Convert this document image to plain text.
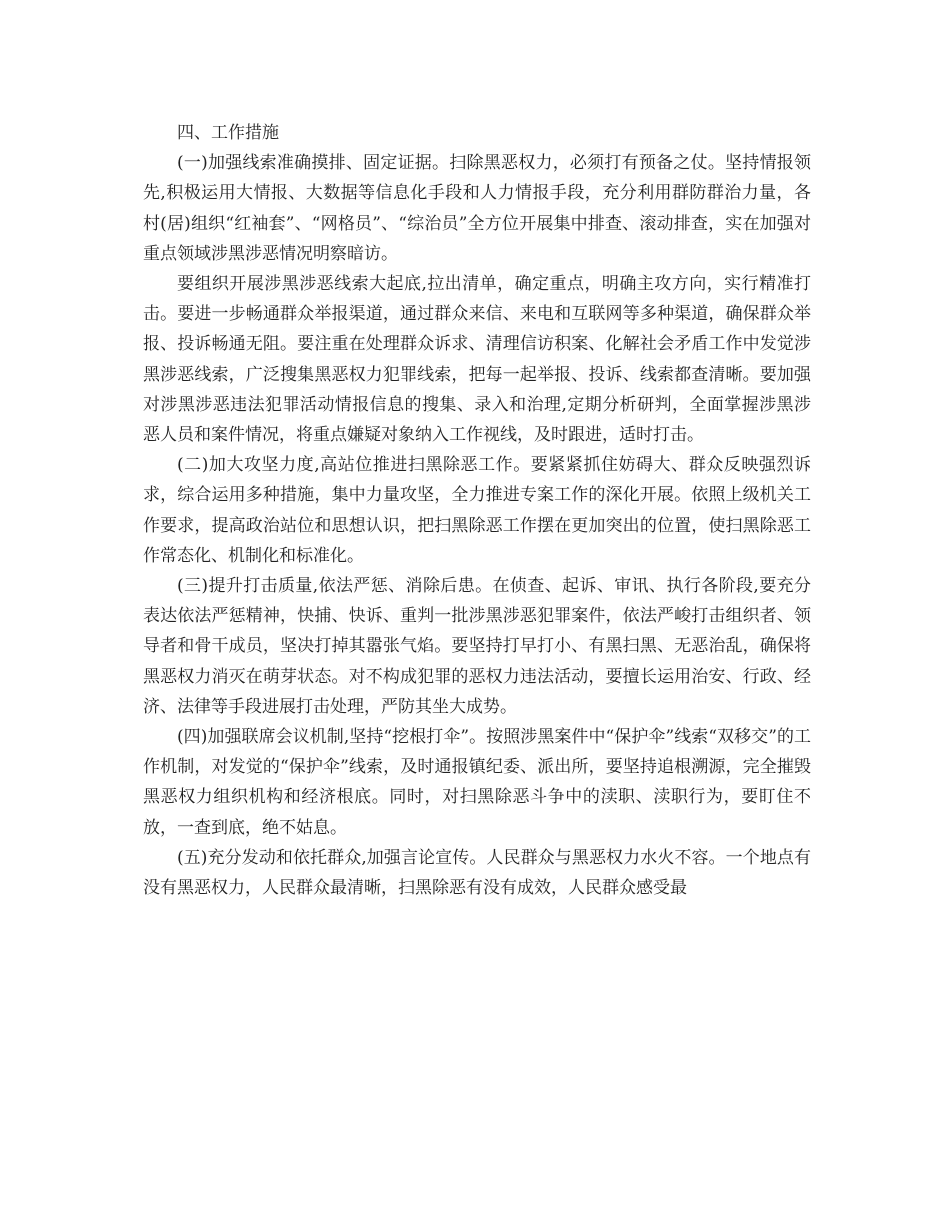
四、工作措施

(一)加强线索准确摸排、固定证据。扫除黑恶权力，必须打有预备之仗。坚持情报领先,积极运用大情报、大数据等信息化手段和人力情报手段，充分利用群防群治力量，各村(居)组织“红袖套”、“网格员”、“综治员”全方位开展集中排查、滚动排查，实在加强对重点领域涉黑涉恶情况明察暗访。

要组织开展涉黑涉恶线索大起底,拉出清单，确定重点，明确主攻方向，实行精准打击。要进一步畅通群众举报渠道，通过群众来信、来电和互联网等多种渠道，确保群众举报、投诉畅通无阻。要注重在处理群众诉求、清理信访积案、化解社会矛盾工作中发觉涉黑涉恶线索，广泛搜集黑恶权力犯罪线索，把每一起举报、投诉、线索都查清晰。要加强对涉黑涉恶违法犯罪活动情报信息的搜集、录入和治理,定期分析研判，全面掌握涉黑涉恶人员和案件情况，将重点嫌疑对象纳入工作视线，及时跟进，适时打击。

(二)加大攻坚力度,高站位推进扫黑除恶工作。要紧紧抓住妨碍大、群众反映强烈诉求，综合运用多种措施，集中力量攻坚，全力推进专案工作的深化开展。依照上级机关工作要求，提高政治站位和思想认识，把扫黑除恶工作摆在更加突出的位置，使扫黑除恶工作常态化、机制化和标准化。

(三)提升打击质量,依法严惩、消除后患。在侦查、起诉、审讯、执行各阶段,要充分表达依法严惩精神，快捕、快诉、重判一批涉黑涉恶犯罪案件，依法严峻打击组织者、领导者和骨干成员，坚决打掉其嚣张气焰。要坚持打早打小、有黑扫黑、无恶治乱，确保将黑恶权力消灭在萌芽状态。对不构成犯罪的恶权力违法活动，要擅长运用治安、行政、经济、法律等手段进展打击处理，严防其坐大成势。

(四)加强联席会议机制,坚持“挖根打伞”。按照涉黑案件中“保护伞”线索“双移交”的工作机制，对发觉的“保护伞”线索，及时通报镇纪委、派出所，要坚持追根溯源，完全摧毁黑恶权力组织机构和经济根底。同时，对扫黑除恶斗争中的渎职、渎职行为，要盯住不放，一查到底，绝不姑息。

(五)充分发动和依托群众,加强言论宣传。人民群众与黑恶权力水火不容。一个地点有没有黑恶权力，人民群众最清晰，扫黑除恶有没有成效，人民群众感受最
